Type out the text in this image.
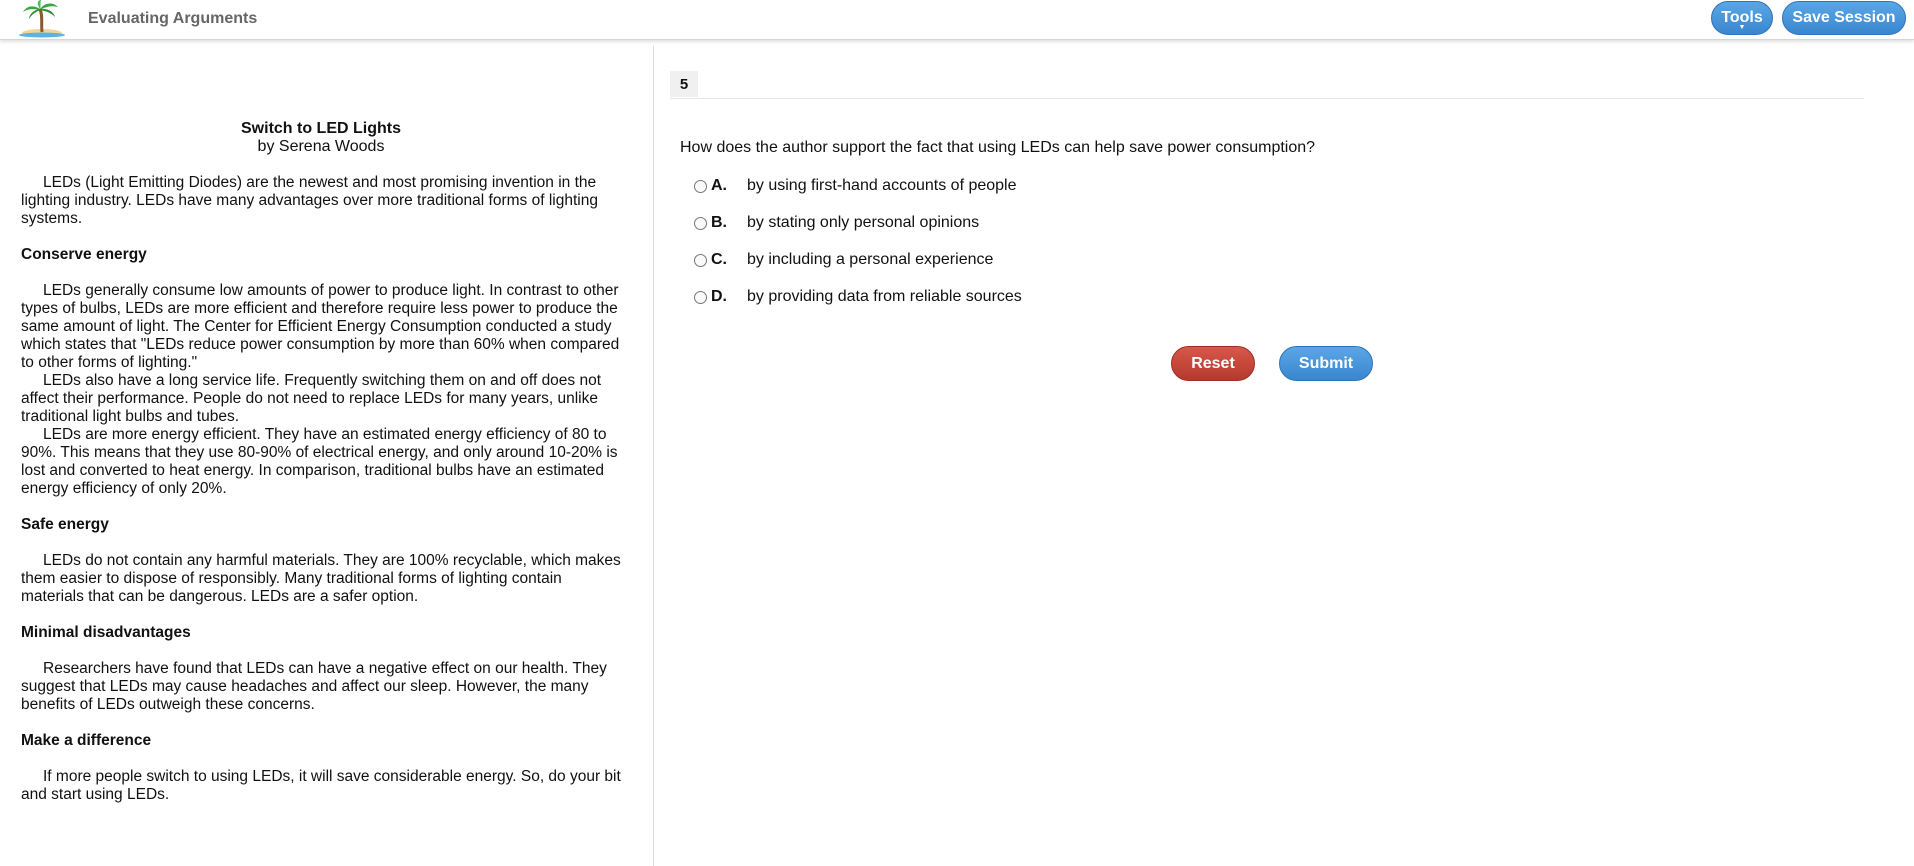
Evaluating Arguments	Tools
▼
Save Session
Switch to LED Lights
by Serena Woods

LEDs (Light Emitting Diodes) are the newest and most promising invention in the lighting industry. LEDs have many advantages over more traditional forms of lighting systems.

Conserve energy

LEDs generally consume low amounts of power to produce light. In contrast to other types of bulbs, LEDs are more efficient and therefore require less power to produce the same amount of light. The Center for Efficient Energy Consumption conducted a study which states that "LEDs reduce power consumption by more than 60% when compared to other forms of lighting."

LEDs also have a long service life. Frequently switching them on and off does not affect their performance. People do not need to replace LEDs for many years, unlike traditional light bulbs and tubes.

LEDs are more energy efficient. They have an estimated energy efficiency of 80 to 90%. This means that they use 80-90% of electrical energy, and only around 10-20% is lost and converted to heat energy. In comparison, traditional bulbs have an estimated energy efficiency of only 20%.

Safe energy

LEDs do not contain any harmful materials. They are 100% recyclable, which makes them easier to dispose of responsibly. Many traditional forms of lighting contain materials that can be dangerous. LEDs are a safer option.

Minimal disadvantages

Researchers have found that LEDs can have a negative effect on our health. They suggest that LEDs may cause headaches and affect our sleep. However, the many benefits of LEDs outweigh these concerns.

Make a difference

If more people switch to using LEDs, it will save considerable energy. So, do your bit and start using LEDs.

5
How does the author support the fact that using LEDs can help save power consumption?
A.	by using first-hand accounts of people
B.	by stating only personal opinions
C.	by including a personal experience
D.	by providing data from reliable sources
Reset	Submit
